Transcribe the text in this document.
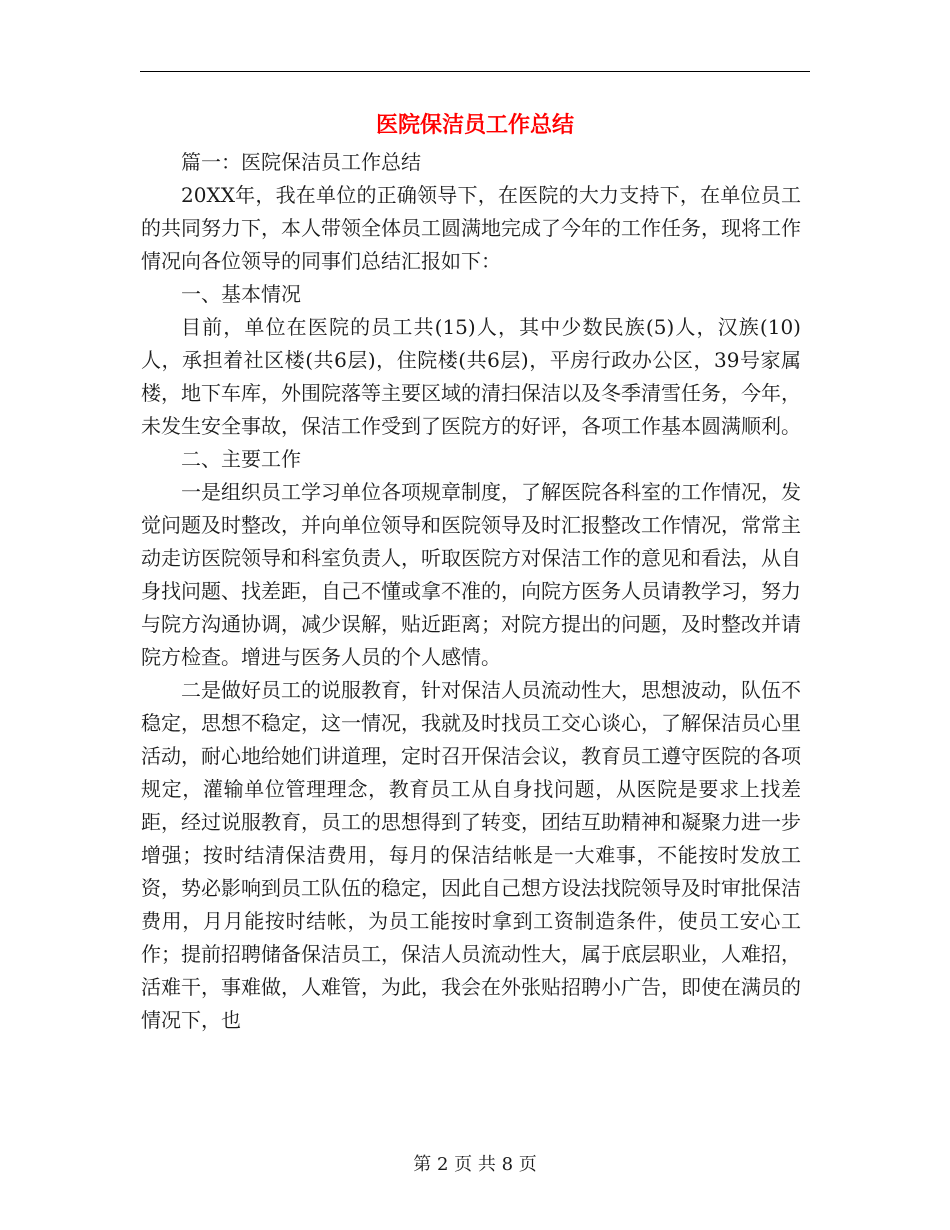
医院保洁员工作总结

篇一：医院保洁员工作总结

20XX年，我在单位的正确领导下，在医院的大力支持下，在单位员工的共同努力下，本人带领全体员工圆满地完成了今年的工作任务，现将工作情况向各位领导的同事们总结汇报如下：

一、基本情况

目前，单位在医院的员工共(15)人，其中少数民族(5)人，汉族(10)人，承担着社区楼(共6层)，住院楼(共6层)，平房行政办公区，39号家属楼，地下车库，外围院落等主要区域的清扫保洁以及冬季清雪任务，今年，未发生安全事故，保洁工作受到了医院方的好评，各项工作基本圆满顺利。

二、主要工作

一是组织员工学习单位各项规章制度，了解医院各科室的工作情况，发觉问题及时整改，并向单位领导和医院领导及时汇报整改工作情况，常常主动走访医院领导和科室负责人，听取医院方对保洁工作的意见和看法，从自身找问题、找差距，自己不懂或拿不准的，向院方医务人员请教学习，努力与院方沟通协调，减少误解，贴近距离；对院方提出的问题，及时整改并请院方检查。增进与医务人员的个人感情。

二是做好员工的说服教育，针对保洁人员流动性大，思想波动，队伍不稳定，思想不稳定，这一情况，我就及时找员工交心谈心，了解保洁员心里活动，耐心地给她们讲道理，定时召开保洁会议，教育员工遵守医院的各项规定，灌输单位管理理念，教育员工从自身找问题，从医院是要求上找差距，经过说服教育，员工的思想得到了转变，团结互助精神和凝聚力进一步增强；按时结清保洁费用，每月的保洁结帐是一大难事，不能按时发放工资，势必影响到员工队伍的稳定，因此自己想方设法找院领导及时审批保洁费用，月月能按时结帐，为员工能按时拿到工资制造条件，使员工安心工作；提前招聘储备保洁员工，保洁人员流动性大，属于底层职业，人难招，活难干，事难做，人难管，为此，我会在外张贴招聘小广告，即使在满员的情况下，也

第 2 页 共 8 页
